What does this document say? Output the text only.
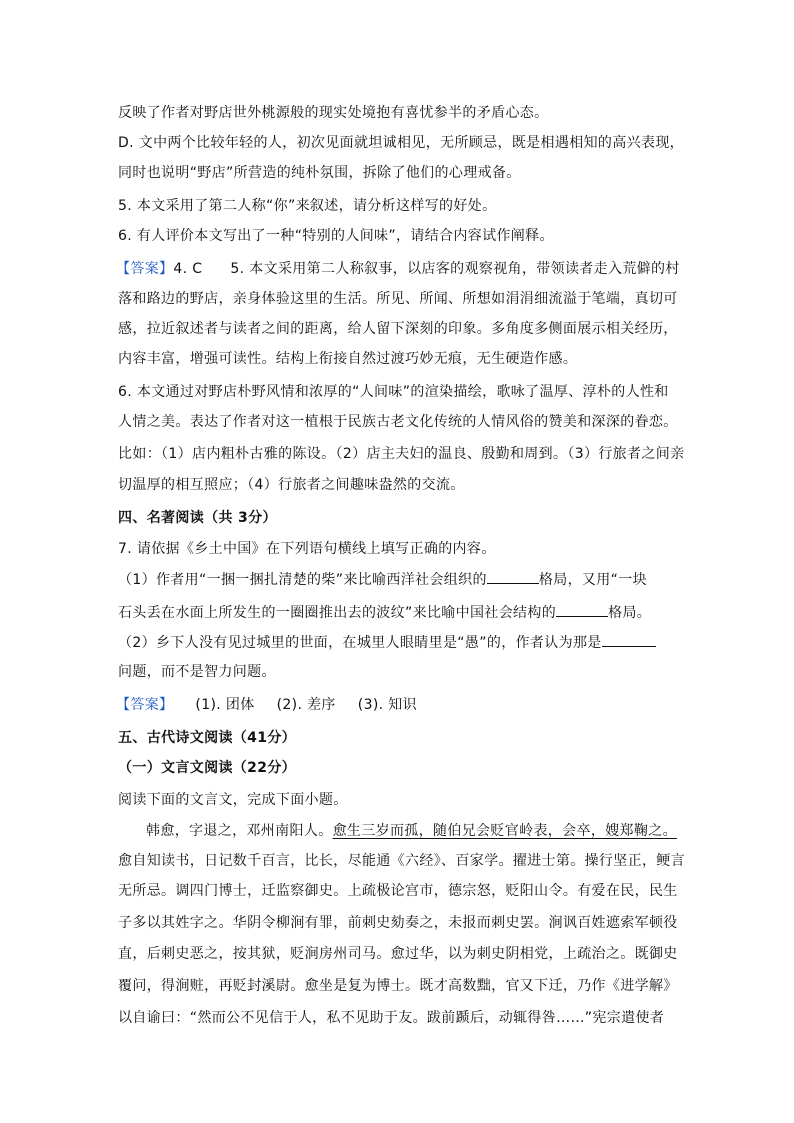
反映了作者对野店世外桃源般的现实处境抱有喜忧参半的矛盾心态。
D. 文中两个比较年轻的人，初次见面就坦诚相见，无所顾忌，既是相遇相知的高兴表现，
同时也说明“野店”所营造的纯朴氛围，拆除了他们的心理戒备。
5. 本文采用了第二人称“你”来叙述，请分析这样写的好处。
6. 有人评价本文写出了一种“特别的人间味”，请结合内容试作阐释。
【答案】4. C 5. 本文采用第二人称叙事，以店客的观察视角，带领读者走入荒僻的村
落和路边的野店，亲身体验这里的生活。所见、所闻、所想如涓涓细流溢于笔端，真切可
感，拉近叙述者与读者之间的距离，给人留下深刻的印象。多角度多侧面展示相关经历，
内容丰富，增强可读性。结构上衔接自然过渡巧妙无痕，无生硬造作感。
6. 本文通过对野店朴野风情和浓厚的“人间味”的渲染描绘，歌咏了温厚、淳朴的人性和
人情之美。表达了作者对这一植根于民族古老文化传统的人情风俗的赞美和深深的眷恋。
比如：（1）店内粗朴古雅的陈设。（2）店主夫妇的温良、殷勤和周到。（3）行旅者之间亲
切温厚的相互照应；（4）行旅者之间趣味盎然的交流。
四、名著阅读（共 3分）
7. 请依据《乡土中国》在下列语句横线上填写正确的内容。
（1）作者用“一捆一捆扎清楚的柴”来比喻西洋社会组织的	格局，又用“一块
石头丢在水面上所发生的一圈圈推出去的波纹”来比喻中国社会结构的	格局。
（2）乡下人没有见过城里的世面，在城里人眼睛里是“愚”的，作者认为那是
问题，而不是智力问题。
【答案】 (1). 团体 (2). 差序 (3). 知识
五、古代诗文阅读（41分）
（一）文言文阅读（22分）
阅读下面的文言文，完成下面小题。
韩愈，字退之，邓州南阳人。愈生三岁而孤，随伯兄会贬官岭表，会卒，嫂郑鞠之。
愈自知读书，日记数千百言，比长，尽能通《六经》、百家学。擢进士第。操行坚正，鲠言
无所忌。调四门博士，迁监察御史。上疏极论宫市，德宗怒，贬阳山令。有爱在民，民生
子多以其姓字之。华阴令柳涧有罪，前刺史劾奏之，未报而刺史罢。涧讽百姓遮索军顿役
直，后刺史恶之，按其狱，贬涧房州司马。愈过华，以为刺史阴相党，上疏治之。既御史
覆问，得涧赃，再贬封溪尉。愈坐是复为博士。既才高数黜，官又下迁，乃作《进学解》
以自谕曰：“然而公不见信于人，私不见助于友。跋前踬后，动辄得咎……”宪宗遣使者
